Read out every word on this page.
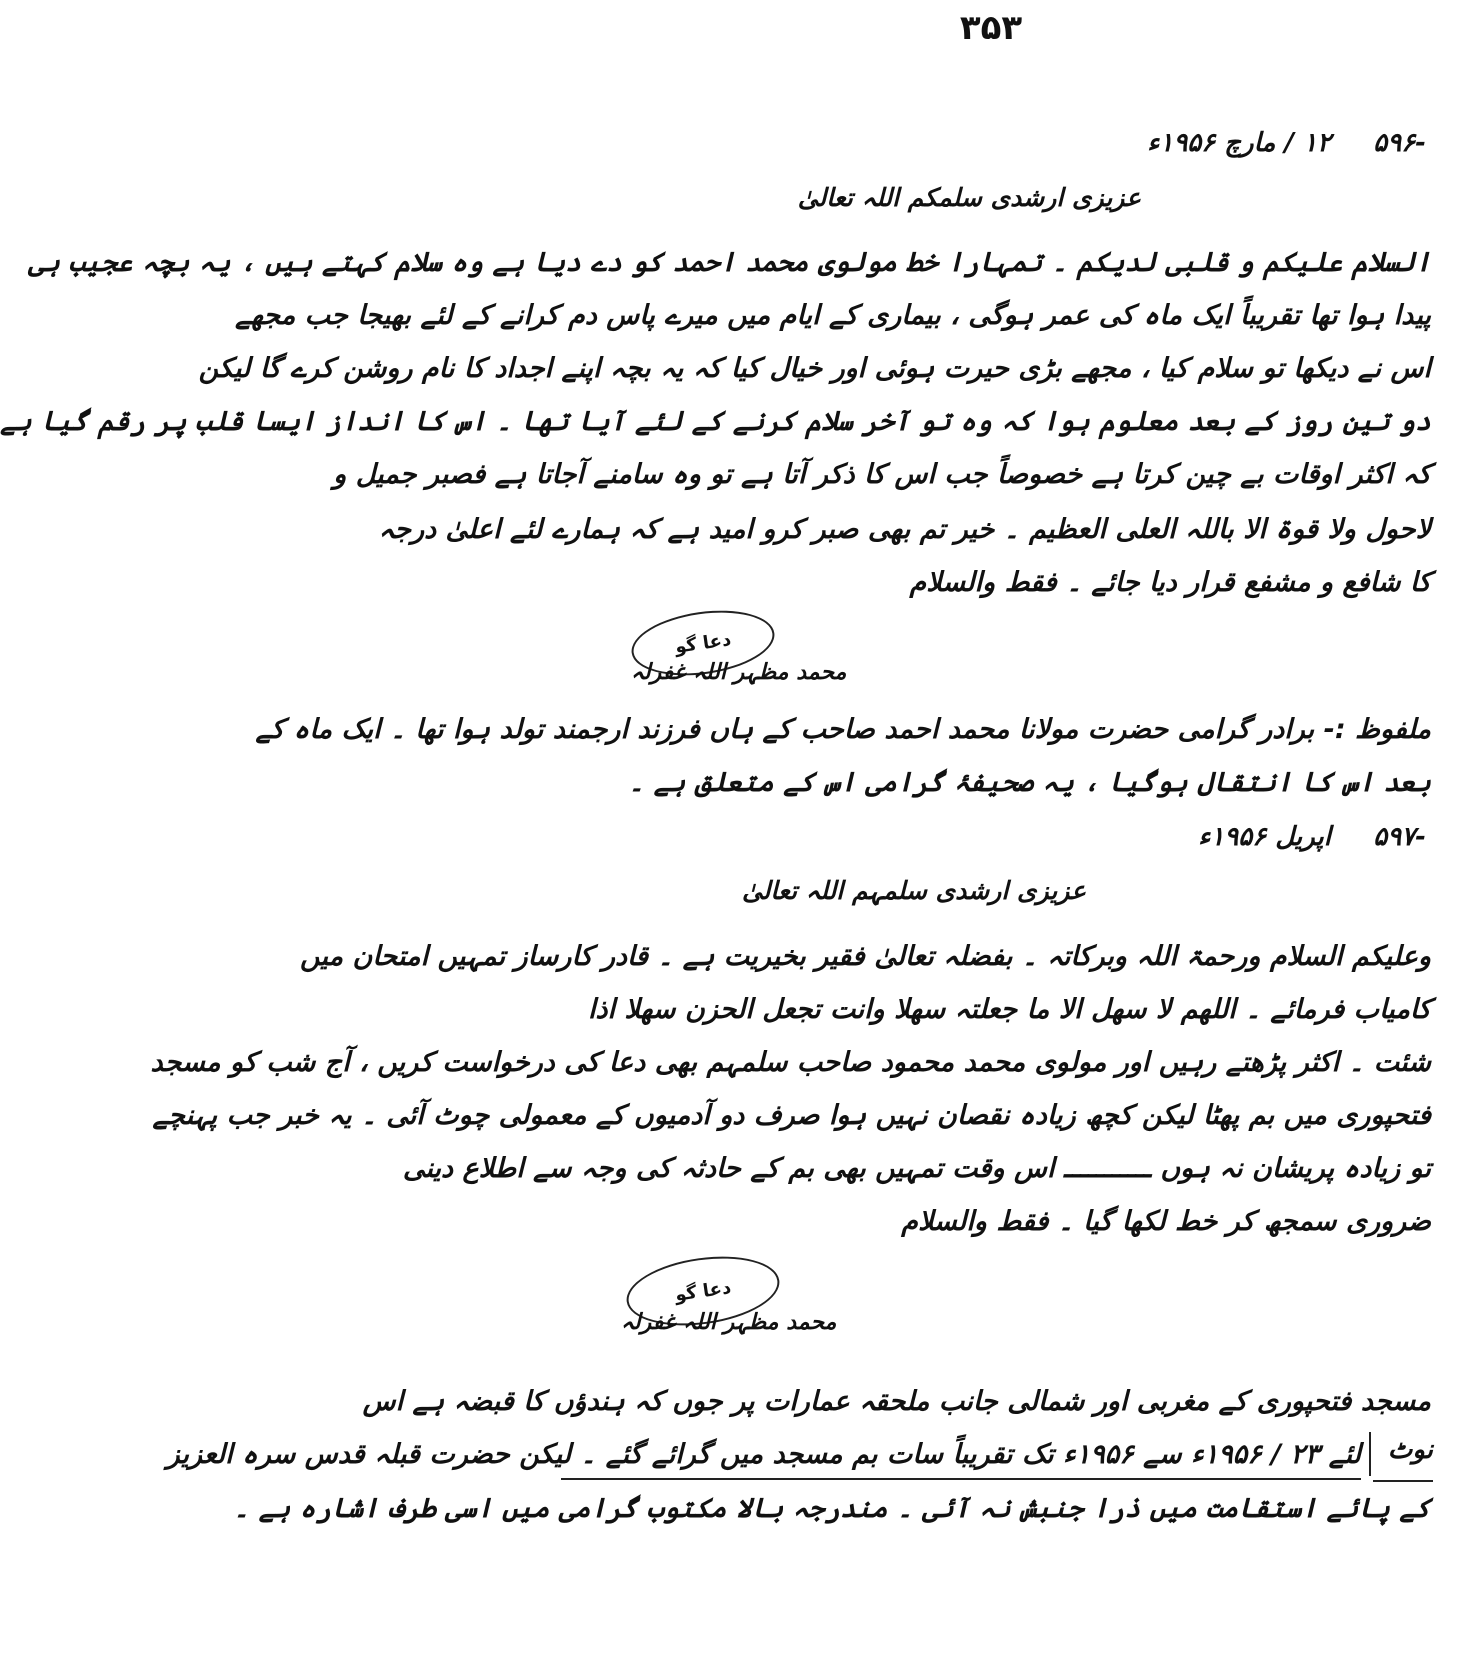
۳۵۳
-۵۹۶
۱۲ / مارچ ۱۹۵۶ء
عزیزی ارشدی سلمکم اللہ تعالیٰ
السلام علیکم و قلبی لدیکم ۔ تمہارا خط مولوی محمد احمد کو دے دیا ہے وہ سلام کہتے ہیں ، یہ بچہ عجیب ہی
پیدا ہوا تھا تقریباً ایک ماہ کی عمر ہوگی ، بیماری کے ایام میں میرے پاس دم کرانے کے لئے بھیجا جب مجھے
اس نے دیکھا تو سلام کیا ، مجھے بڑی حیرت ہوئی اور خیال کیا کہ یہ بچہ اپنے اجداد کا نام روشن کرے گا لیکن
دو تین روز کے بعد معلوم ہوا کہ وہ تو آخر سلام کرنے کے لئے آیا تھا ۔ اس کا انداز ایسا قلب پر رقم گیا ہے
کہ اکثر اوقات بے چین کرتا ہے خصوصاً جب اس کا ذکر آتا ہے تو وہ سامنے آجاتا ہے فصبر جمیل و
لاحول ولا قوۃ الا باللہ العلی العظیم ۔ خیر تم بھی صبر کرو امید ہے کہ ہمارے لئے اعلیٰ درجہ
کا شافع و مشفع قرار دیا جائے ۔ فقط والسلام
دعا گو
محمد مظہر اللہ غفرلہ
ملفوظ :- برادر گرامی حضرت مولانا محمد احمد صاحب کے ہاں فرزند ارجمند تولد ہوا تھا ۔ ایک ماہ کے
بعد اس کا انتقال ہوگیا ، یہ صحیفۂ گرامی اس کے متعلق ہے ۔
-۵۹۷
اپریل ۱۹۵۶ء
عزیزی ارشدی سلمہم اللہ تعالیٰ
وعلیکم السلام ورحمۃ اللہ وبرکاتہ ۔ بفضلہ تعالیٰ فقیر بخیریت ہے ۔ قادر کارساز تمہیں امتحان میں
کامیاب فرمائے ۔ اللھم لا سھل الا ما جعلتہ سھلا وانت تجعل الحزن سھلا اذا
شئت ۔ اکثر پڑھتے رہیں اور مولوی محمد محمود صاحب سلمہم بھی دعا کی درخواست کریں ، آج شب کو مسجد
فتحپوری میں بم پھٹا لیکن کچھ زیادہ نقصان نہیں ہوا صرف دو آدمیوں کے معمولی چوٹ آئی ۔ یہ خبر جب پہنچے
تو زیادہ پریشان نہ ہوں ـــــــــــ اس وقت تمہیں بھی بم کے حادثہ کی وجہ سے اطلاع دینی
ضروری سمجھ کر خط لکھا گیا ۔ فقط والسلام
دعا گو
محمد مظہر اللہ غفرلہ
مسجد فتحپوری کے مغربی اور شمالی جانب ملحقہ عمارات پر جوں کہ ہندؤں کا قبضہ ہے اس
نوٹ
لئے ۲۳ / ۱۹۵۶ء سے ۱۹۵۶ء تک تقریباً سات بم مسجد میں گرائے گئے ۔ لیکن حضرت قبلہ قدس سرہ العزیز
کے پائے استقامت میں ذرا جنبش نہ آئی ۔ مندرجہ بالا مکتوب گرامی میں اسی طرف اشارہ ہے ۔
